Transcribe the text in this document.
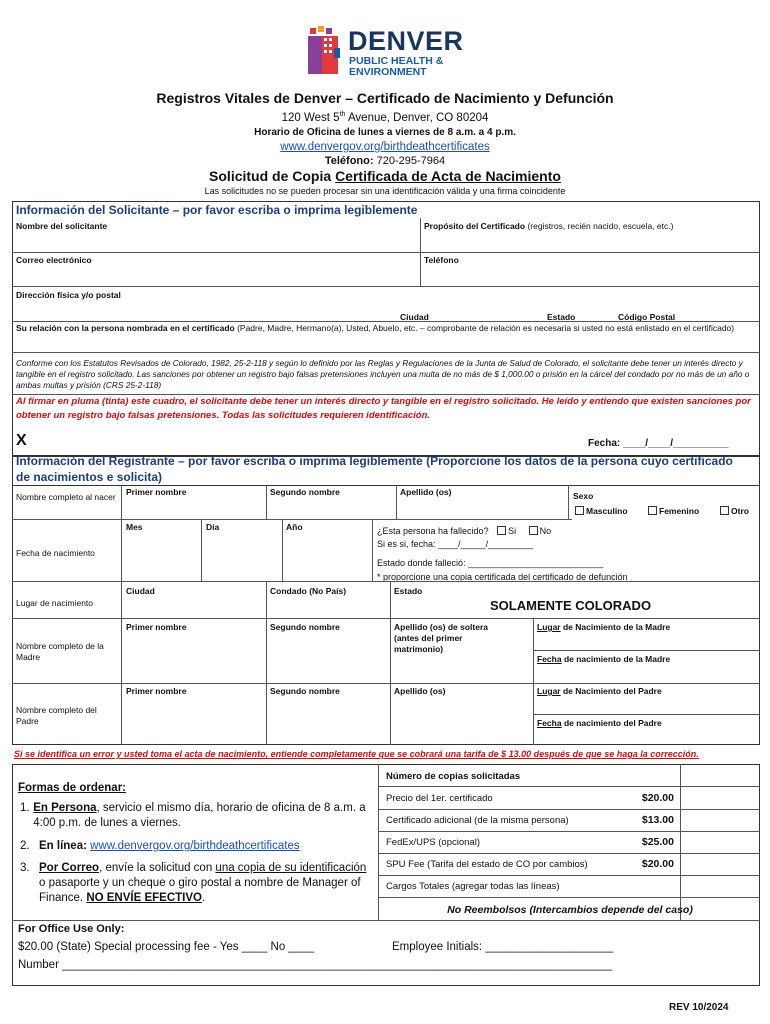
DENVER
PUBLIC HEALTH &
ENVIRONMENT
Registros Vitales de Denver – Certificado de Nacimiento y Defunción
120 West 5th Avenue, Denver, CO 80204
Horario de Oficina de lunes a viernes de 8 a.m. a 4 p.m.
www.denvergov.org/birthdeathcertificates
Teléfono: 720-295-7964
Solicitud de Copia Certificada de Acta de Nacimiento
Las solicitudes no se pueden procesar sin una identificación válida y una firma coincidente
Información del Solicitante – por favor escriba o imprima legiblemente
Nombre del solicitante	Propósito del Certificado (registros, recién nacido, escuela, etc.)
Correo electrónico	Teléfono
Dirección física y/o postal
Ciudad	Estado	Código Postal
Su relación con la persona nombrada en el certificado (Padre, Madre, Hermano(a), Usted, Abuelo, etc. – comprobante de relación es necesaria si usted no está enlistado en el certificado)
Conforme con los Estatutos Revisados de Colorado, 1982, 25-2-118 y según lo definido por las Reglas y Regulaciones de la Junta de Salud de Colorado, el solicitante debe tener un interés directo y tangible en el registro solicitado. Las sanciones por obtener un registro bajo falsas pretensiones incluyen una multa de no más de $ 1,000.00 o prisión en la cárcel del condado por no más de un año o ambas multas y prisión (CRS 25-2-118)
Al firmar en pluma (tinta) este cuadro, el solicitante debe tener un interés directo y tangible en el registro solicitado. He leído y entiendo que existen sanciones por obtener un registro bajo falsas pretensiones. Todas las solicitudes requieren identificación.
X	Fecha: ____/____/__________
Información del Registrante – por favor escriba o imprima legiblemente (Proporcione los datos de la persona cuyo certificado de nacimientos e solicita)
Nombre completo al nacer Primer nombre	Segundo nombre	Apellido (os)	Sexo
Masculino	Femenino	Otro
Fecha de nacimiento
Mes	Día	Año	¿Esta persona ha fallecido? Si	No
Si es si, fecha: ____/_____/_________
Estado donde falleció: ___________________________
* proporcione una copia certificada del certificado de defunción
Lugar de nacimiento
Ciudad	Condado (No País)	Estado
SOLAMENTE COLORADO
Nombre completo de la Madre
Primer nombre	Segundo nombre	Apellido (os) de soltera (antes del primer matrimonio)
Lugar de Nacimiento de la Madre
Fecha de nacimiento de la Madre
Nombre completo del Padre
Primer nombre	Segundo nombre	Apellido (os)	Lugar de Nacimiento del Padre
Fecha de nacimiento del Padre
Si se identifica un error y usted toma el acta de nacimiento, entiende completamente que se cobrará una tarifa de $ 13.00 después de que se haga la corrección.
Formas de ordenar:
1. En Persona, servicio el mismo día, horario de oficina de 8 a.m. a 4:00 p.m. de lunes a viernes.
2. En línea: www.denvergov.org/birthdeathcertificates
3. Por Correo, envíe la solicitud con una copia de su identificación o pasaporte y un cheque o giro postal a nombre de Manager of Finance. NO ENVÍE EFECTIVO.
Número de copias solicitadas
Precio del 1er. certificado	$20.00
Certificado adicional (de la misma persona)	$13.00
FedEx/UPS (opcional)	$25.00
SPU Fee (Tarifa del estado de CO por cambios)	$20.00
Cargos Totales (agregar todas las líneas)
No Reembolsos (Intercambios depende del caso)
For Office Use Only:
$20.00 (State) Special processing fee - Yes ____ No ____	Employee Initials: ____________________
Number ______________________________________________________________________________________
REV 10/2024
